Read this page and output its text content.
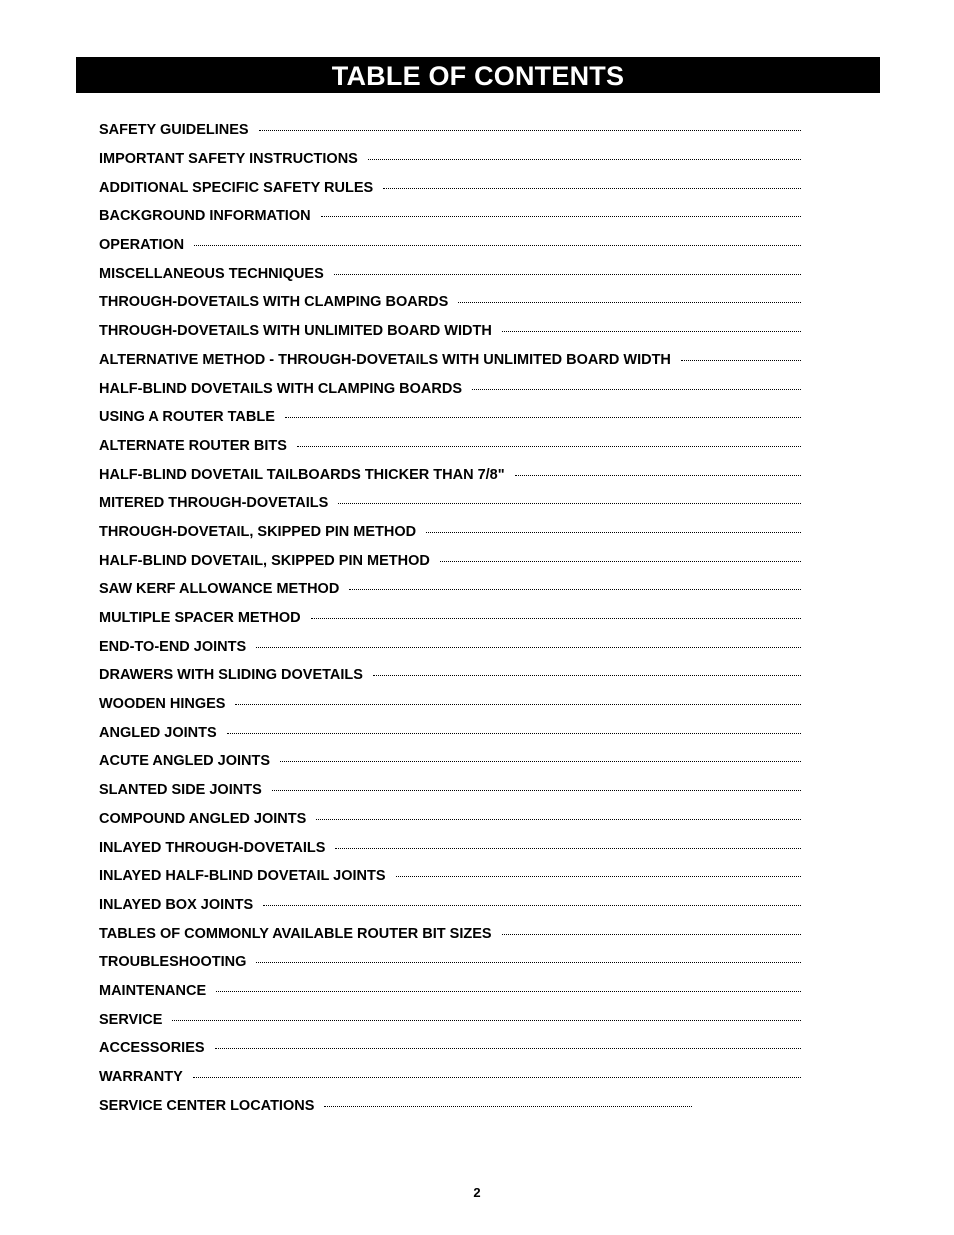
TABLE OF CONTENTS
SAFETY GUIDELINES
IMPORTANT SAFETY INSTRUCTIONS
ADDITIONAL SPECIFIC SAFETY RULES
BACKGROUND INFORMATION
OPERATION
MISCELLANEOUS TECHNIQUES
THROUGH-DOVETAILS WITH CLAMPING BOARDS
THROUGH-DOVETAILS WITH UNLIMITED BOARD WIDTH
ALTERNATIVE METHOD - THROUGH-DOVETAILS WITH UNLIMITED BOARD WIDTH
HALF-BLIND DOVETAILS WITH CLAMPING BOARDS
USING A ROUTER TABLE
ALTERNATE ROUTER BITS
HALF-BLIND DOVETAIL TAILBOARDS THICKER THAN 7/8"
MITERED THROUGH-DOVETAILS
THROUGH-DOVETAIL, SKIPPED PIN METHOD
HALF-BLIND DOVETAIL, SKIPPED PIN METHOD
SAW KERF ALLOWANCE METHOD
MULTIPLE SPACER METHOD
END-TO-END JOINTS
DRAWERS WITH SLIDING DOVETAILS
WOODEN HINGES
ANGLED JOINTS
ACUTE ANGLED JOINTS
SLANTED SIDE JOINTS
COMPOUND ANGLED JOINTS
INLAYED THROUGH-DOVETAILS
INLAYED HALF-BLIND DOVETAIL JOINTS
INLAYED BOX JOINTS
TABLES OF COMMONLY AVAILABLE ROUTER BIT SIZES
TROUBLESHOOTING
MAINTENANCE
SERVICE
ACCESSORIES
WARRANTY
SERVICE CENTER LOCATIONS
2
